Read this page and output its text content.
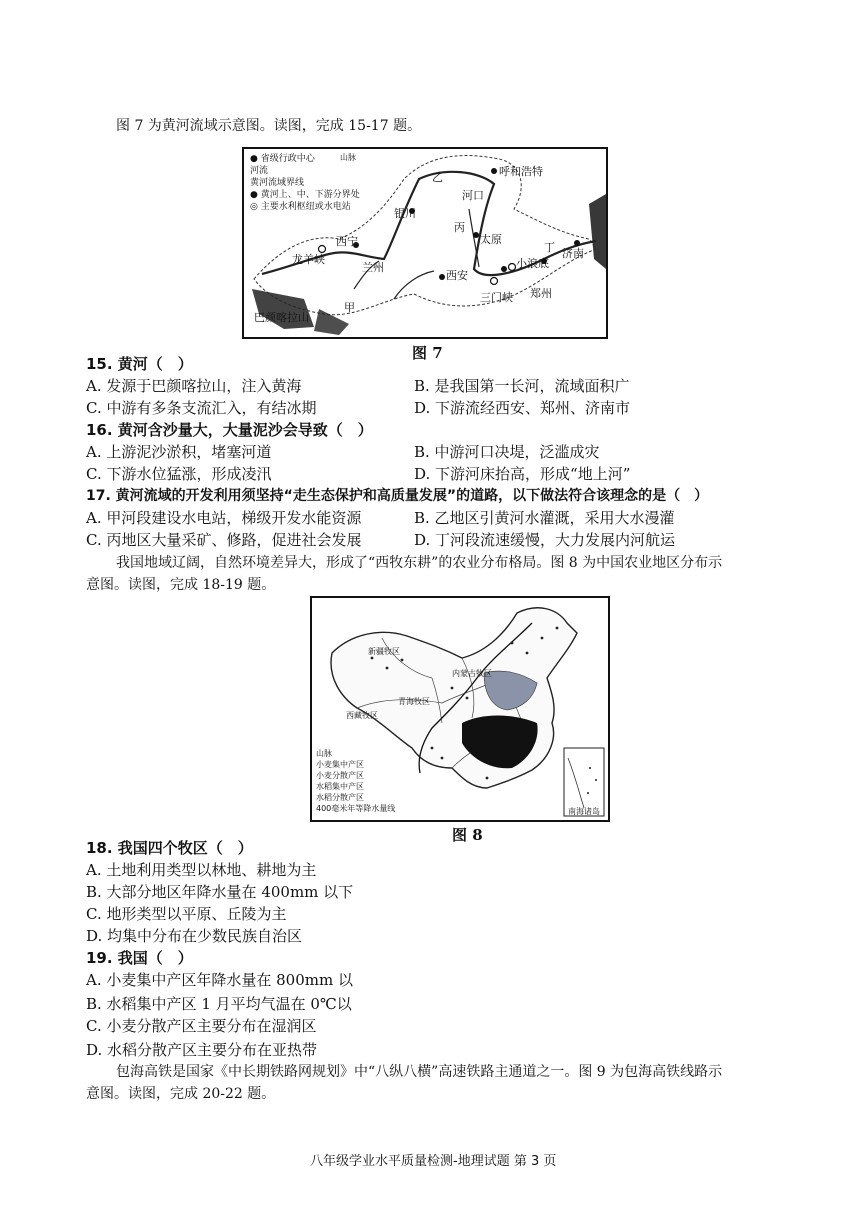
图 7 为黄河流域示意图。读图，完成 15-17 题。
● 省级行政中心
河流
黄河流域界线
● 黄河上、中、下游分界处
◎ 主要水利枢纽或水电站
山脉
呼和浩特
银川
河口
太原
济南
龙羊峡
西宁
兰州
西安
小浪底
三门峡 郑州
巴颜喀拉山
甲
乙
丙
丁
图 7
15. 黄河（　）
A. 发源于巴颜喀拉山，注入黄海	B. 是我国第一长河，流域面积广
C. 中游有多条支流汇入，有结冰期	D. 下游流经西安、郑州、济南市
16. 黄河含沙量大，大量泥沙会导致（　）
A. 上游泥沙淤积，堵塞河道	B. 中游河口决堤，泛滥成灾
C. 下游水位猛涨，形成凌汛	D. 下游河床抬高，形成“地上河”
17. 黄河流域的开发利用须坚持“走生态保护和高质量发展”的道路，以下做法符合该理念的是（　）
A. 甲河段建设水电站，梯级开发水能资源	B. 乙地区引黄河水灌溉，采用大水漫灌
C. 丙地区大量采矿、修路，促进社会发展	D. 丁河段流速缓慢，大力发展内河航运
我国地域辽阔，自然环境差异大，形成了“西牧东耕”的农业分布格局。图 8 为中国农业地区分布示
意图。读图，完成 18-19 题。
新疆牧区
内蒙古牧区
青海牧区
西藏牧区
南海诸岛
山脉
小麦集中产区
小麦分散产区
水稻集中产区
水稻分散产区
400毫米年等降水量线
图 8
18. 我国四个牧区（　）
A. 土地利用类型以林地、耕地为主
B. 大部分地区年降水量在 400mm 以下
C. 地形类型以平原、丘陵为主
D. 均集中分布在少数民族自治区
19. 我国（　）
A. 小麦集中产区年降水量在 800mm 以
B. 水稻集中产区 1 月平均气温在 0℃以
C. 小麦分散产区主要分布在湿润区
D. 水稻分散产区主要分布在亚热带
包海高铁是国家《中长期铁路网规划》中“八纵八横”高速铁路主通道之一。图 9 为包海高铁线路示
意图。读图，完成 20-22 题。
八年级学业水平质量检测-地理试题 第 3 页
